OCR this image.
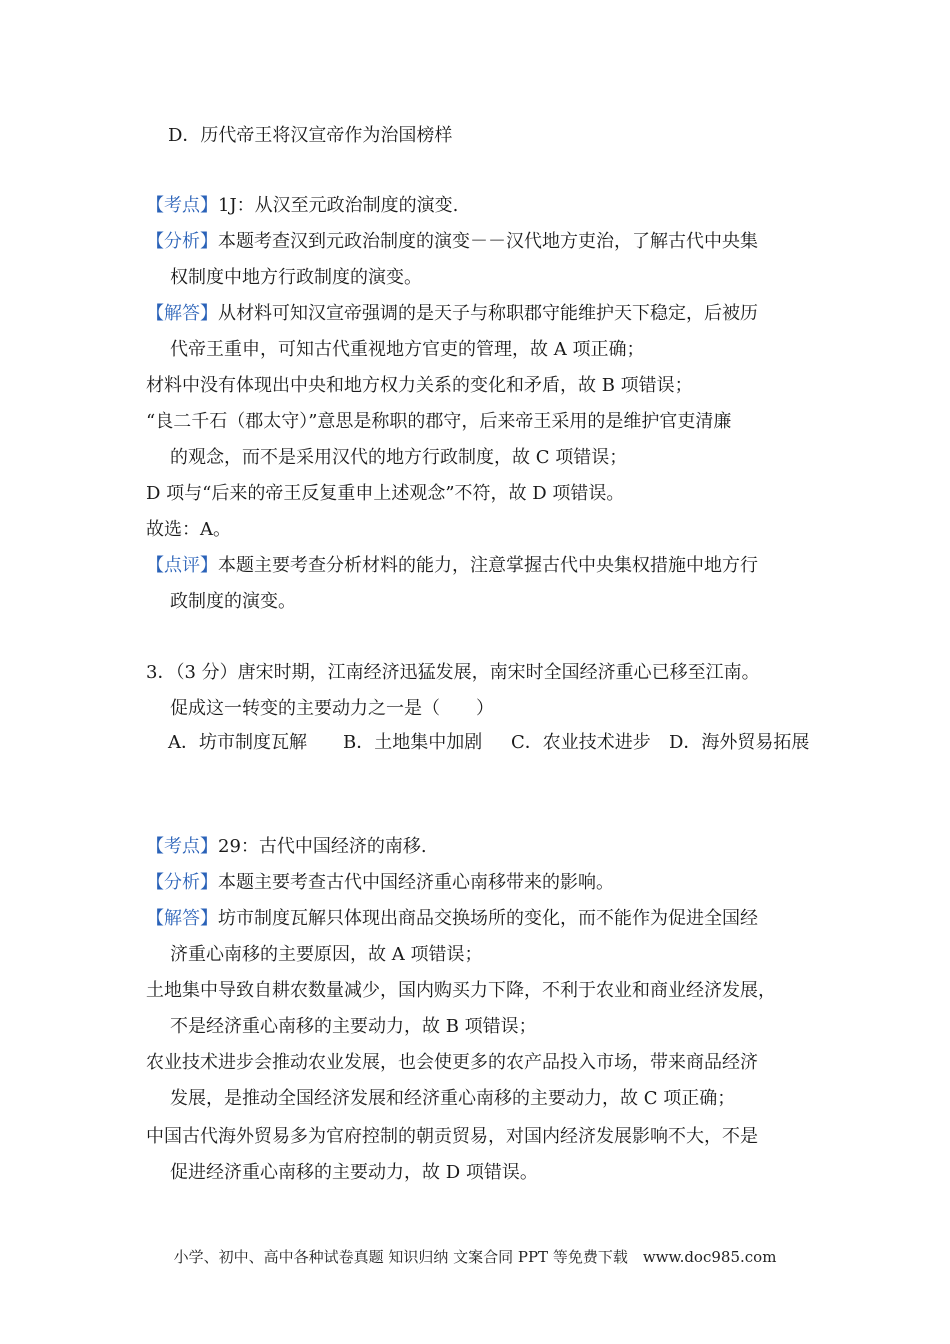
D．历代帝王将汉宣帝作为治国榜样
【考点】1J：从汉至元政治制度的演变.
【分析】本题考查汉到元政治制度的演变－－汉代地方吏治，了解古代中央集
权制度中地方行政制度的演变。
【解答】从材料可知汉宣帝强调的是天子与称职郡守能维护天下稳定，后被历
代帝王重申，可知古代重视地方官吏的管理，故 A 项正确；
材料中没有体现出中央和地方权力关系的变化和矛盾，故 B 项错误；
“良二千石（郡太守）”意思是称职的郡守，后来帝王采用的是维护官吏清廉
的观念，而不是采用汉代的地方行政制度，故 C 项错误；
D 项与“后来的帝王反复重申上述观念”不符，故 D 项错误。
故选：A。
【点评】本题主要考查分析材料的能力，注意掌握古代中央集权措施中地方行
政制度的演变。
3．（3 分）唐宋时期，江南经济迅猛发展，南宋时全国经济重心已移至江南。
促成这一转变的主要动力之一是（　　）
A．坊市制度瓦解 B．土地集中加剧 C．农业技术进步 D．海外贸易拓展
【考点】29：古代中国经济的南移.
【分析】本题主要考查古代中国经济重心南移带来的影响。
【解答】坊市制度瓦解只体现出商品交换场所的变化，而不能作为促进全国经
济重心南移的主要原因，故 A 项错误；
土地集中导致自耕农数量减少，国内购买力下降，不利于农业和商业经济发展，
不是经济重心南移的主要动力，故 B 项错误；
农业技术进步会推动农业发展，也会使更多的农产品投入市场，带来商品经济
发展，是推动全国经济发展和经济重心南移的主要动力，故 C 项正确；
中国古代海外贸易多为官府控制的朝贡贸易，对国内经济发展影响不大，不是
促进经济重心南移的主要动力，故 D 项错误。
小学、初中、高中各种试卷真题 知识归纳 文案合同 PPT 等免费下载　www.doc985.com
